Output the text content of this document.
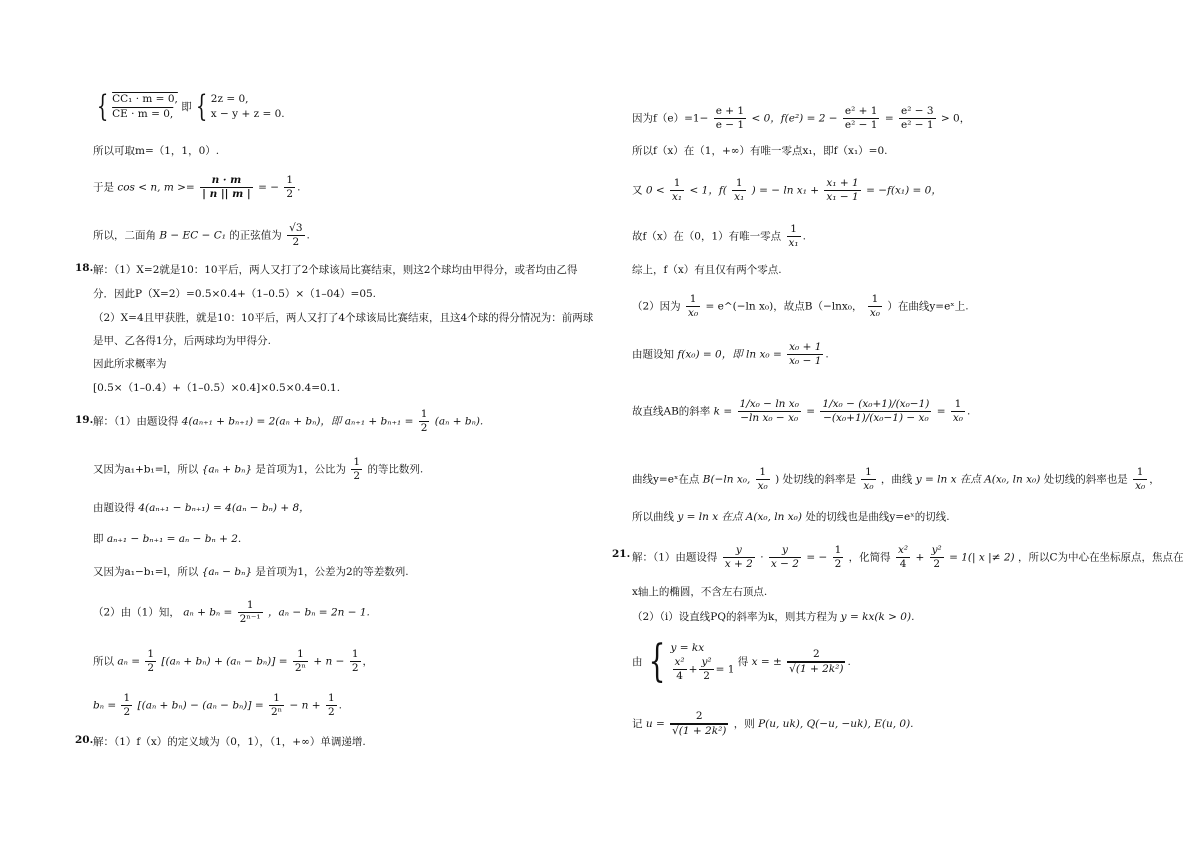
{ $\frac{\text{CC₁ · m = 0,}}{CE \cdot m = 0,}$ 即 { 2z = 0,
x − y + z = 0.
所以可取m=（1，1，0）.
于是 cos < n, $m >= \frac{n \cdot m}{| n || m |}$ = − $\frac{1}{2}$ .
所以，二面角 B − EC − C₁ 的正弦值为 $\frac{√3}{2}$ .
18. 解：（1）X=2就是10：10平后，两人又打了2个球该局比赛结束，则这2个球均由甲得分，或者均由乙得
分．因此P（X=2）=0.5×0.4+（1–0.5）×（1–04）=05.
（2）X=4且甲获胜，就是10：10平后，两人又打了4个球该局比赛结束，且这4个球的得分情况为：前两球
是甲、乙各得1分，后两球均为甲得分.
因此所求概率为
[0.5×（1–0.4）+（1–0.5）×0.4]×0.5×0.4=0.1.
19. 解：（1）由题设得 4(aₙ₊₁ + bₙ₊₁) = 2(aₙ + bₙ)，即 $a_{n+1} + b_{n+1} = \frac{1}{2} (a_n + b_n)$.
又因为a₁+b₁=l，所以 {aₙ + bₙ} 是首项为1，公比为 $\frac{1}{2}$ 的等比数列.
由题设得 4(aₙ₊₁ − bₙ₊₁) = 4(aₙ − bₙ) + 8，
即 aₙ₊₁ − bₙ₊₁ = aₙ − bₙ + 2.
又因为a₁−b₁=l，所以 {aₙ − bₙ} 是首项为1，公差为2的等差数列.
（2）由（1）知， $a_n + b_n = \frac{1}{\text{2ⁿ⁻¹}}$ ，aₙ − bₙ = 2n − 1.
所以 $a_n = \frac{1}{2} [(a_n + b_n) + (a_n - b_n)] = \frac{1}{\text{2ⁿ}} + n - \frac{1}{2}$ ，
$b_n = \frac{1}{2} [(a_n + b_n) - (a_n - b_n)] = \frac{1}{\text{2ⁿ}} - n + \frac{1}{2}$ .
20. 解：（1）f（x）的定义域为（0，1），（1，+∞）单调递增.
因为$f(e)=1- \frac{e + 1}{e - 1} < 0$，$f(e^2) = 2 - \frac{\text{e² + 1}}{\text{e² − 1}} = \frac{\text{e² − 3}}{\text{e² − 1}} > 0$，
所以f（x）在（1，+∞）有唯一零点x₁，即f（x₁）=0.
又 $0 < \frac{1}{\text{x₁}} < 1$，$f( \frac{1}{\text{x₁}}$ ) = − $\ln x_1 + \frac{\text{x₁ + 1}}{\text{x₁ − 1}} = -f(x_1) = 0$，
故f（x）在（0，1）有唯一零点 $\frac{1}{\text{x₁}}$ .
综上，f（x）有且仅有两个零点.
（2）因为 $\frac{1}{\text{x₀}}$ = e^(−ln x₀)，故点B（−lnx₀， $\frac{1}{\text{x₀}}$ ）在曲线y=eˣ上.
由题设知 f(x₀) = 0，即 $\ln x_0 = \frac{\text{x₀ + 1}}{\text{x₀ − 1}}$ .
故直线AB的斜率 $k = \frac{\text{1/x₀ − ln x₀}}{\text{−ln x₀ − x₀}} = \frac{\text{1/x₀ − (x₀+1)/(x₀−1)}}{\text{−(x₀+1)/(x₀−1) − x₀}} = \frac{1}{\text{x₀}}$ .
曲线y=eˣ在点 B(−ln x₀, $\frac{1}{\text{x₀}}$ ) 处切线的斜率是 $\frac{1}{\text{x₀}}$ ，曲线 y = ln x 在点 A(x₀, ln x₀) 处切线的斜率也是 $\frac{1}{\text{x₀}}$ ，
所以曲线 y = ln x 在点 A(x₀, ln x₀) 处的切线也是曲线y=eˣ的切线.
21. 解：（1）由题设得 $\frac{y}{x + 2} \cdot \frac{y}{x - 2}$ = − $\frac{1}{2}$ ，化简得 $\frac{\text{x²}}{4} + \frac{\text{y²}}{2} = 1(|$ x |≠ 2) ，所以C为中心在坐标原点，焦点在
x轴上的椭圆，不含左右顶点.
（2）（i）设直线PQ的斜率为k，则其方程为 y = kx(k > 0).
由 { y = kx
$\frac{\text{x²}}{4} + \frac{\text{y²}}{2} = 1$
得 x = ± $\frac{2}{\text{√(1 + 2k²)}}$ .
记 $u = \frac{2}{\text{√(1 + 2k²)}}$ ，则 P(u, uk), Q(−u, −uk), E(u, 0).
